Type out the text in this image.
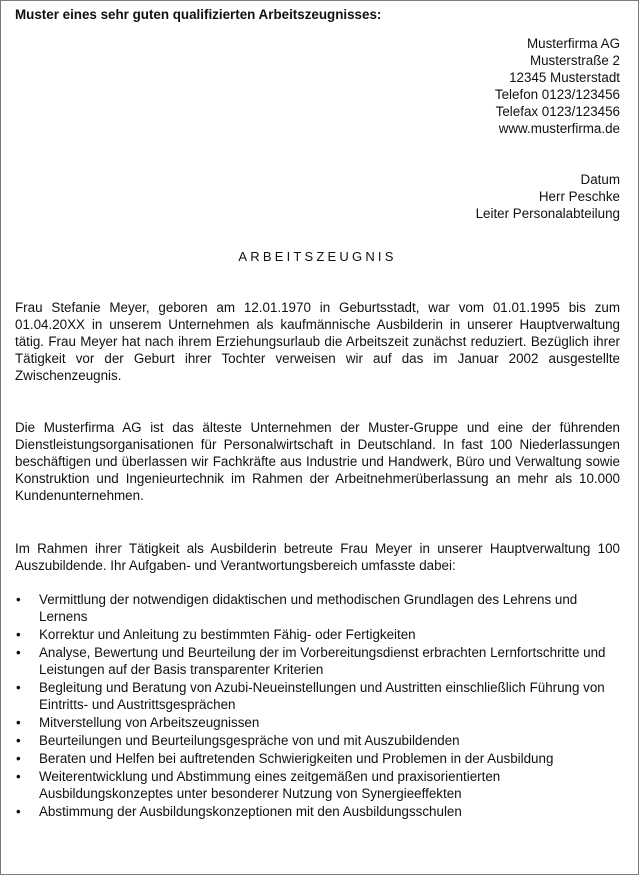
Muster eines sehr guten qualifizierten Arbeitszeugnisses:
Musterfirma AG
Musterstraße 2
12345 Musterstadt
Telefon 0123/123456
Telefax 0123/123456
www.musterfirma.de
Datum
Herr Peschke
Leiter Personalabteilung
ARBEITSZEUGNIS

Frau Stefanie Meyer, geboren am 12.01.1970 in Geburtsstadt, war vom 01.01.1995 bis zum 01.04.20XX in unserem Unternehmen als kaufmännische Ausbilderin in unserer Hauptverwaltung tätig. Frau Meyer hat nach ihrem Erziehungsurlaub die Arbeitszeit zunächst reduziert. Bezüglich ihrer Tätigkeit vor der Geburt ihrer Tochter verweisen wir auf das im Januar 2002 ausgestellte Zwischenzeugnis.

Die Musterfirma AG ist das älteste Unternehmen der Muster-Gruppe und eine der führenden Dienstleistungsorganisationen für Personalwirtschaft in Deutschland. In fast 100 Niederlassungen beschäftigen und überlassen wir Fachkräfte aus Industrie und Handwerk, Büro und Verwaltung sowie Konstruktion und Ingenieurtechnik im Rahmen der Arbeitnehmerüberlassung an mehr als 10.000 Kundenunternehmen.

Im Rahmen ihrer Tätigkeit als Ausbilderin betreute Frau Meyer in unserer Hauptverwaltung 100 Auszubildende. Ihr Aufgaben- und Verantwortungsbereich umfasste dabei:

• Vermittlung der notwendigen didaktischen und methodischen Grundlagen des Lehrens und Lernens
• Korrektur und Anleitung zu bestimmten Fähig- oder Fertigkeiten
• Analyse, Bewertung und Beurteilung der im Vorbereitungsdienst erbrachten Lernfortschritte und Leistungen auf der Basis transparenter Kriterien
• Begleitung und Beratung von Azubi-Neueinstellungen und Austritten einschließlich Führung von Eintritts- und Austrittsgesprächen
• Mitverstellung von Arbeitszeugnissen
• Beurteilungen und Beurteilungsgespräche von und mit Auszubildenden
• Beraten und Helfen bei auftretenden Schwierigkeiten und Problemen in der Ausbildung
• Weiterentwicklung und Abstimmung eines zeitgemäßen und praxisorientierten Ausbildungskonzeptes unter besonderer Nutzung von Synergieeffekten
• Abstimmung der Ausbildungskonzeptionen mit den Ausbildungsschulen
